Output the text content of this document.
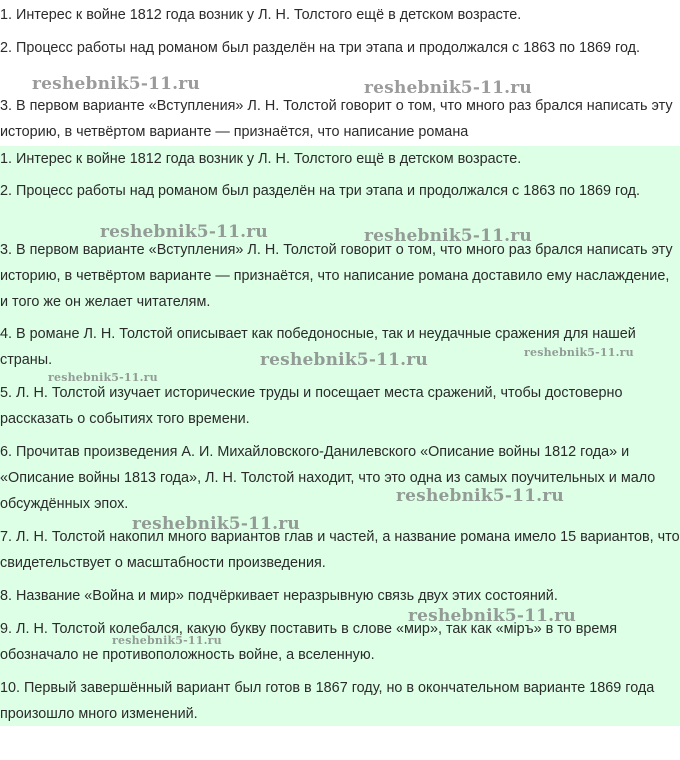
1. Интерес к войне 1812 года возник у Л. Н. Толстого ещё в детском возрасте.

2. Процесс работы над романом был разделён на три этапа и продолжался с 1863 по 1869 год.

3. В первом варианте «Вступления» Л. Н. Толстой говорит о том, что много раз брался написать эту историю, в четвёртом варианте — признаётся, что написание романа

1. Интерес к войне 1812 года возник у Л. Н. Толстого ещё в детском возрасте.

2. Процесс работы над романом был разделён на три этапа и продолжался с 1863 по 1869 год.

3. В первом варианте «Вступления» Л. Н. Толстой говорит о том, что много раз брался написать эту историю, в четвёртом варианте — признаётся, что написание романа доставило ему наслаждение, и того же он желает читателям.

4. В романе Л. Н. Толстой описывает как победоносные, так и неудачные сражения для нашей страны.

5. Л. Н. Толстой изучает исторические труды и посещает места сражений, чтобы достоверно рассказать о событиях того времени.

6. Прочитав произведения А. И. Михайловского-Данилевского «Описание войны 1812 года» и «Описание войны 1813 года», Л. Н. Толстой находит, что это одна из самых поучительных и мало обсуждённых эпох.

7. Л. Н. Толстой накопил много вариантов глав и частей, а название романа имело 15 вариантов, что свидетельствует о масштабности произведения.

8. Название «Война и мир» подчёркивает неразрывную связь двух этих состояний.

9. Л. Н. Толстой колебался, какую букву поставить в слове «мир», так как «міръ» в то время обозначало не противоположность войне, а вселенную.

10. Первый завершённый вариант был готов в 1867 году, но в окончательном варианте 1869 года произошло много изменений.

reshebnik5-11.ru	reshebnik5-11.ru
reshebnik5-11.ru	reshebnik5-11.ru
reshebnik5-11.ru	reshebnik5-11.ru
reshebnik5-11.ru
reshebnik5-11.ru
reshebnik5-11.ru
reshebnik5-11.ru
reshebnik5-11.ru
